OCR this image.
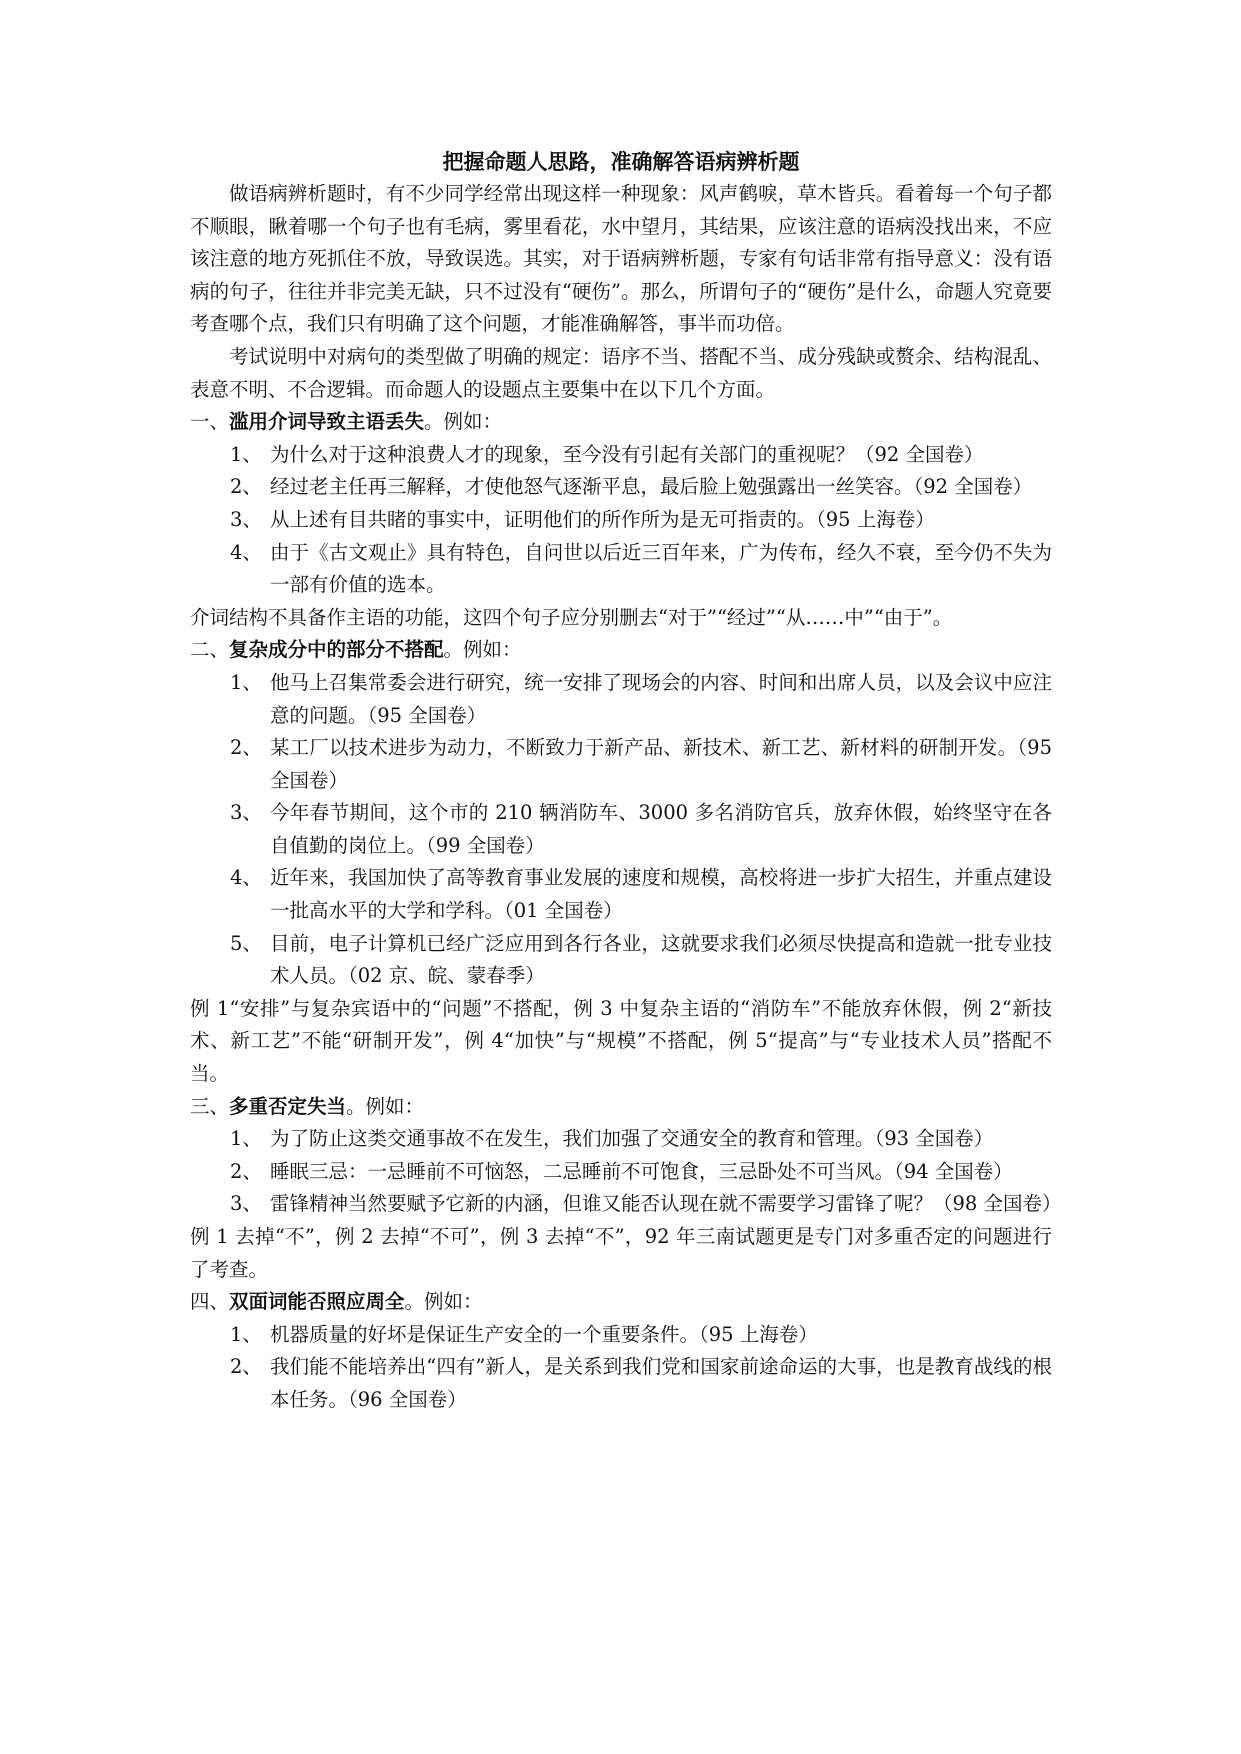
把握命题人思路，准确解答语病辨析题

做语病辨析题时，有不少同学经常出现这样一种现象：风声鹤唳，草木皆兵。看着每一个句子都不顺眼，瞅着哪一个句子也有毛病，雾里看花，水中望月，其结果，应该注意的语病没找出来，不应该注意的地方死抓住不放，导致误选。其实，对于语病辨析题，专家有句话非常有指导意义：没有语病的句子，往往并非完美无缺，只不过没有“硬伤”。那么，所谓句子的“硬伤”是什么，命题人究竟要考查哪个点，我们只有明确了这个问题，才能准确解答，事半而功倍。

考试说明中对病句的类型做了明确的规定：语序不当、搭配不当、成分残缺或赘余、结构混乱、表意不明、不合逻辑。而命题人的设题点主要集中在以下几个方面。

一、滥用介词导致主语丢失。例如：

1、 为什么对于这种浪费人才的现象，至今没有引起有关部门的重视呢？（92 全国卷）
2、 经过老主任再三解释，才使他怒气逐渐平息，最后脸上勉强露出一丝笑容。（92 全国卷）
3、 从上述有目共睹的事实中，证明他们的所作所为是无可指责的。（95 上海卷）
4、 由于《古文观止》具有特色，自问世以后近三百年来，广为传布，经久不衰，至今仍不失为一部有价值的选本。

介词结构不具备作主语的功能，这四个句子应分别删去“对于”“经过”“从……中”“由于”。

二、复杂成分中的部分不搭配。例如：

1、 他马上召集常委会进行研究，统一安排了现场会的内容、时间和出席人员，以及会议中应注意的问题。（95 全国卷）
2、 某工厂以技术进步为动力，不断致力于新产品、新技术、新工艺、新材料的研制开发。（95 全国卷）
3、 今年春节期间，这个市的 210 辆消防车、3000 多名消防官兵，放弃休假，始终坚守在各自值勤的岗位上。（99 全国卷）
4、 近年来，我国加快了高等教育事业发展的速度和规模，高校将进一步扩大招生，并重点建设一批高水平的大学和学科。（01 全国卷）
5、 目前，电子计算机已经广泛应用到各行各业，这就要求我们必须尽快提高和造就一批专业技术人员。（02 京、皖、蒙春季）

例 1“安排”与复杂宾语中的“问题”不搭配，例 3 中复杂主语的“消防车”不能放弃休假，例 2“新技术、新工艺”不能“研制开发”，例 4“加快”与“规模”不搭配，例 5“提高”与“专业技术人员”搭配不当。

三、多重否定失当。例如：

1、 为了防止这类交通事故不在发生，我们加强了交通安全的教育和管理。（93 全国卷）
2、 睡眠三忌：一忌睡前不可恼怒，二忌睡前不可饱食，三忌卧处不可当风。（94 全国卷）
3、 雷锋精神当然要赋予它新的内涵，但谁又能否认现在就不需要学习雷锋了呢？（98 全国卷）

例 1 去掉“不”，例 2 去掉“不可”，例 3 去掉“不”，92 年三南试题更是专门对多重否定的问题进行了考查。

四、双面词能否照应周全。例如：

1、 机器质量的好坏是保证生产安全的一个重要条件。（95 上海卷）
2、 我们能不能培养出“四有”新人，是关系到我们党和国家前途命运的大事，也是教育战线的根本任务。（96 全国卷）
